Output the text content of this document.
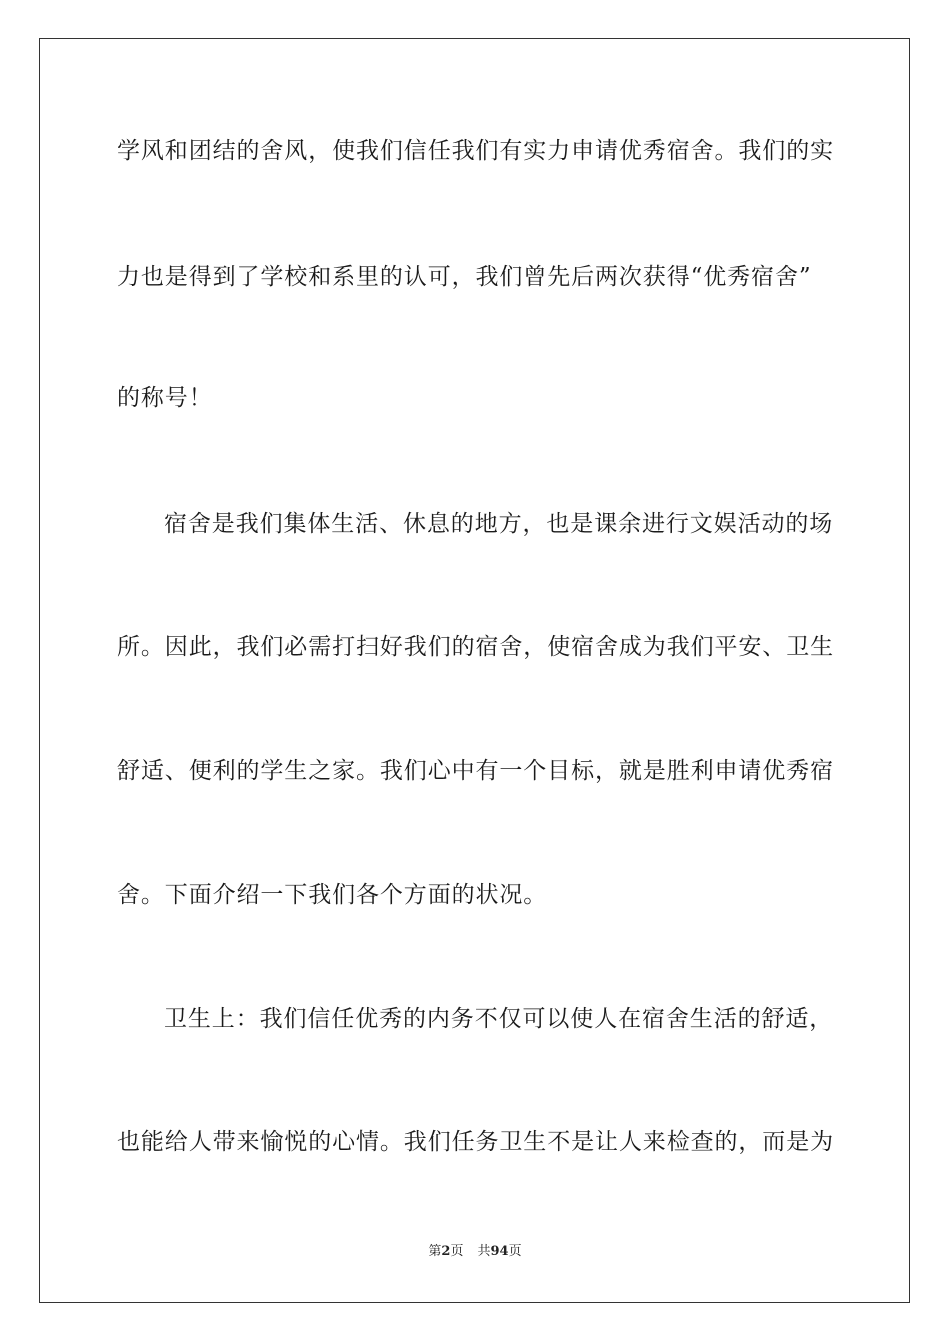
学风和团结的舍风，使我们信任我们有实力申请优秀宿舍。我们的实
力也是得到了学校和系里的认可，我们曾先后两次获得“优秀宿舍”
的称号！
宿舍是我们集体生活、休息的地方，也是课余进行文娱活动的场
所。因此，我们必需打扫好我们的宿舍，使宿舍成为我们平安、卫生
舒适、便利的学生之家。我们心中有一个目标，就是胜利申请优秀宿
舍。下面介绍一下我们各个方面的状况。
卫生上：我们信任优秀的内务不仅可以使人在宿舍生活的舒适，
也能给人带来愉悦的心情。我们任务卫生不是让人来检查的，而是为
第2页 共94页
